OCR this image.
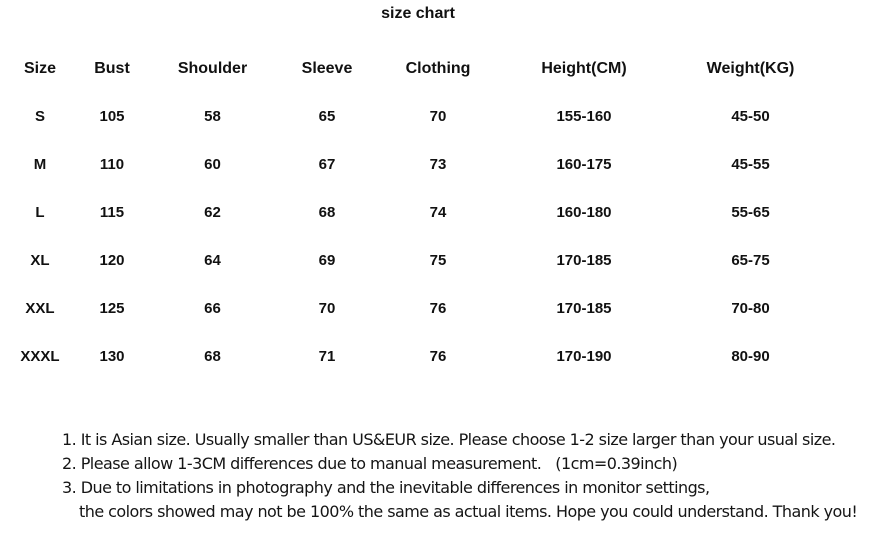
size chart
Size	Bust	Shoulder	Sleeve	Clothing	Height(CM)	Weight(KG)	
S	105	58	65	70	155-160	45-50	
M	110	60	67	73	160-175	45-55	
L	115	62	68	74	160-180	55-65	
XL	120	64	69	75	170-185	65-75	
XXL	125	66	70	76	170-185	70-80	
XXXL	130	68	71	76	170-190	80-90	
1. It is Asian size. Usually smaller than US&EUR size. Please choose 1-2 size larger than your usual size.
2. Please allow 1-3CM differences due to manual measurement. (1cm=0.39inch)
3. Due to limitations in photography and the inevitable differences in monitor settings,
the colors showed may not be 100% the same as actual items. Hope you could understand. Thank you!
